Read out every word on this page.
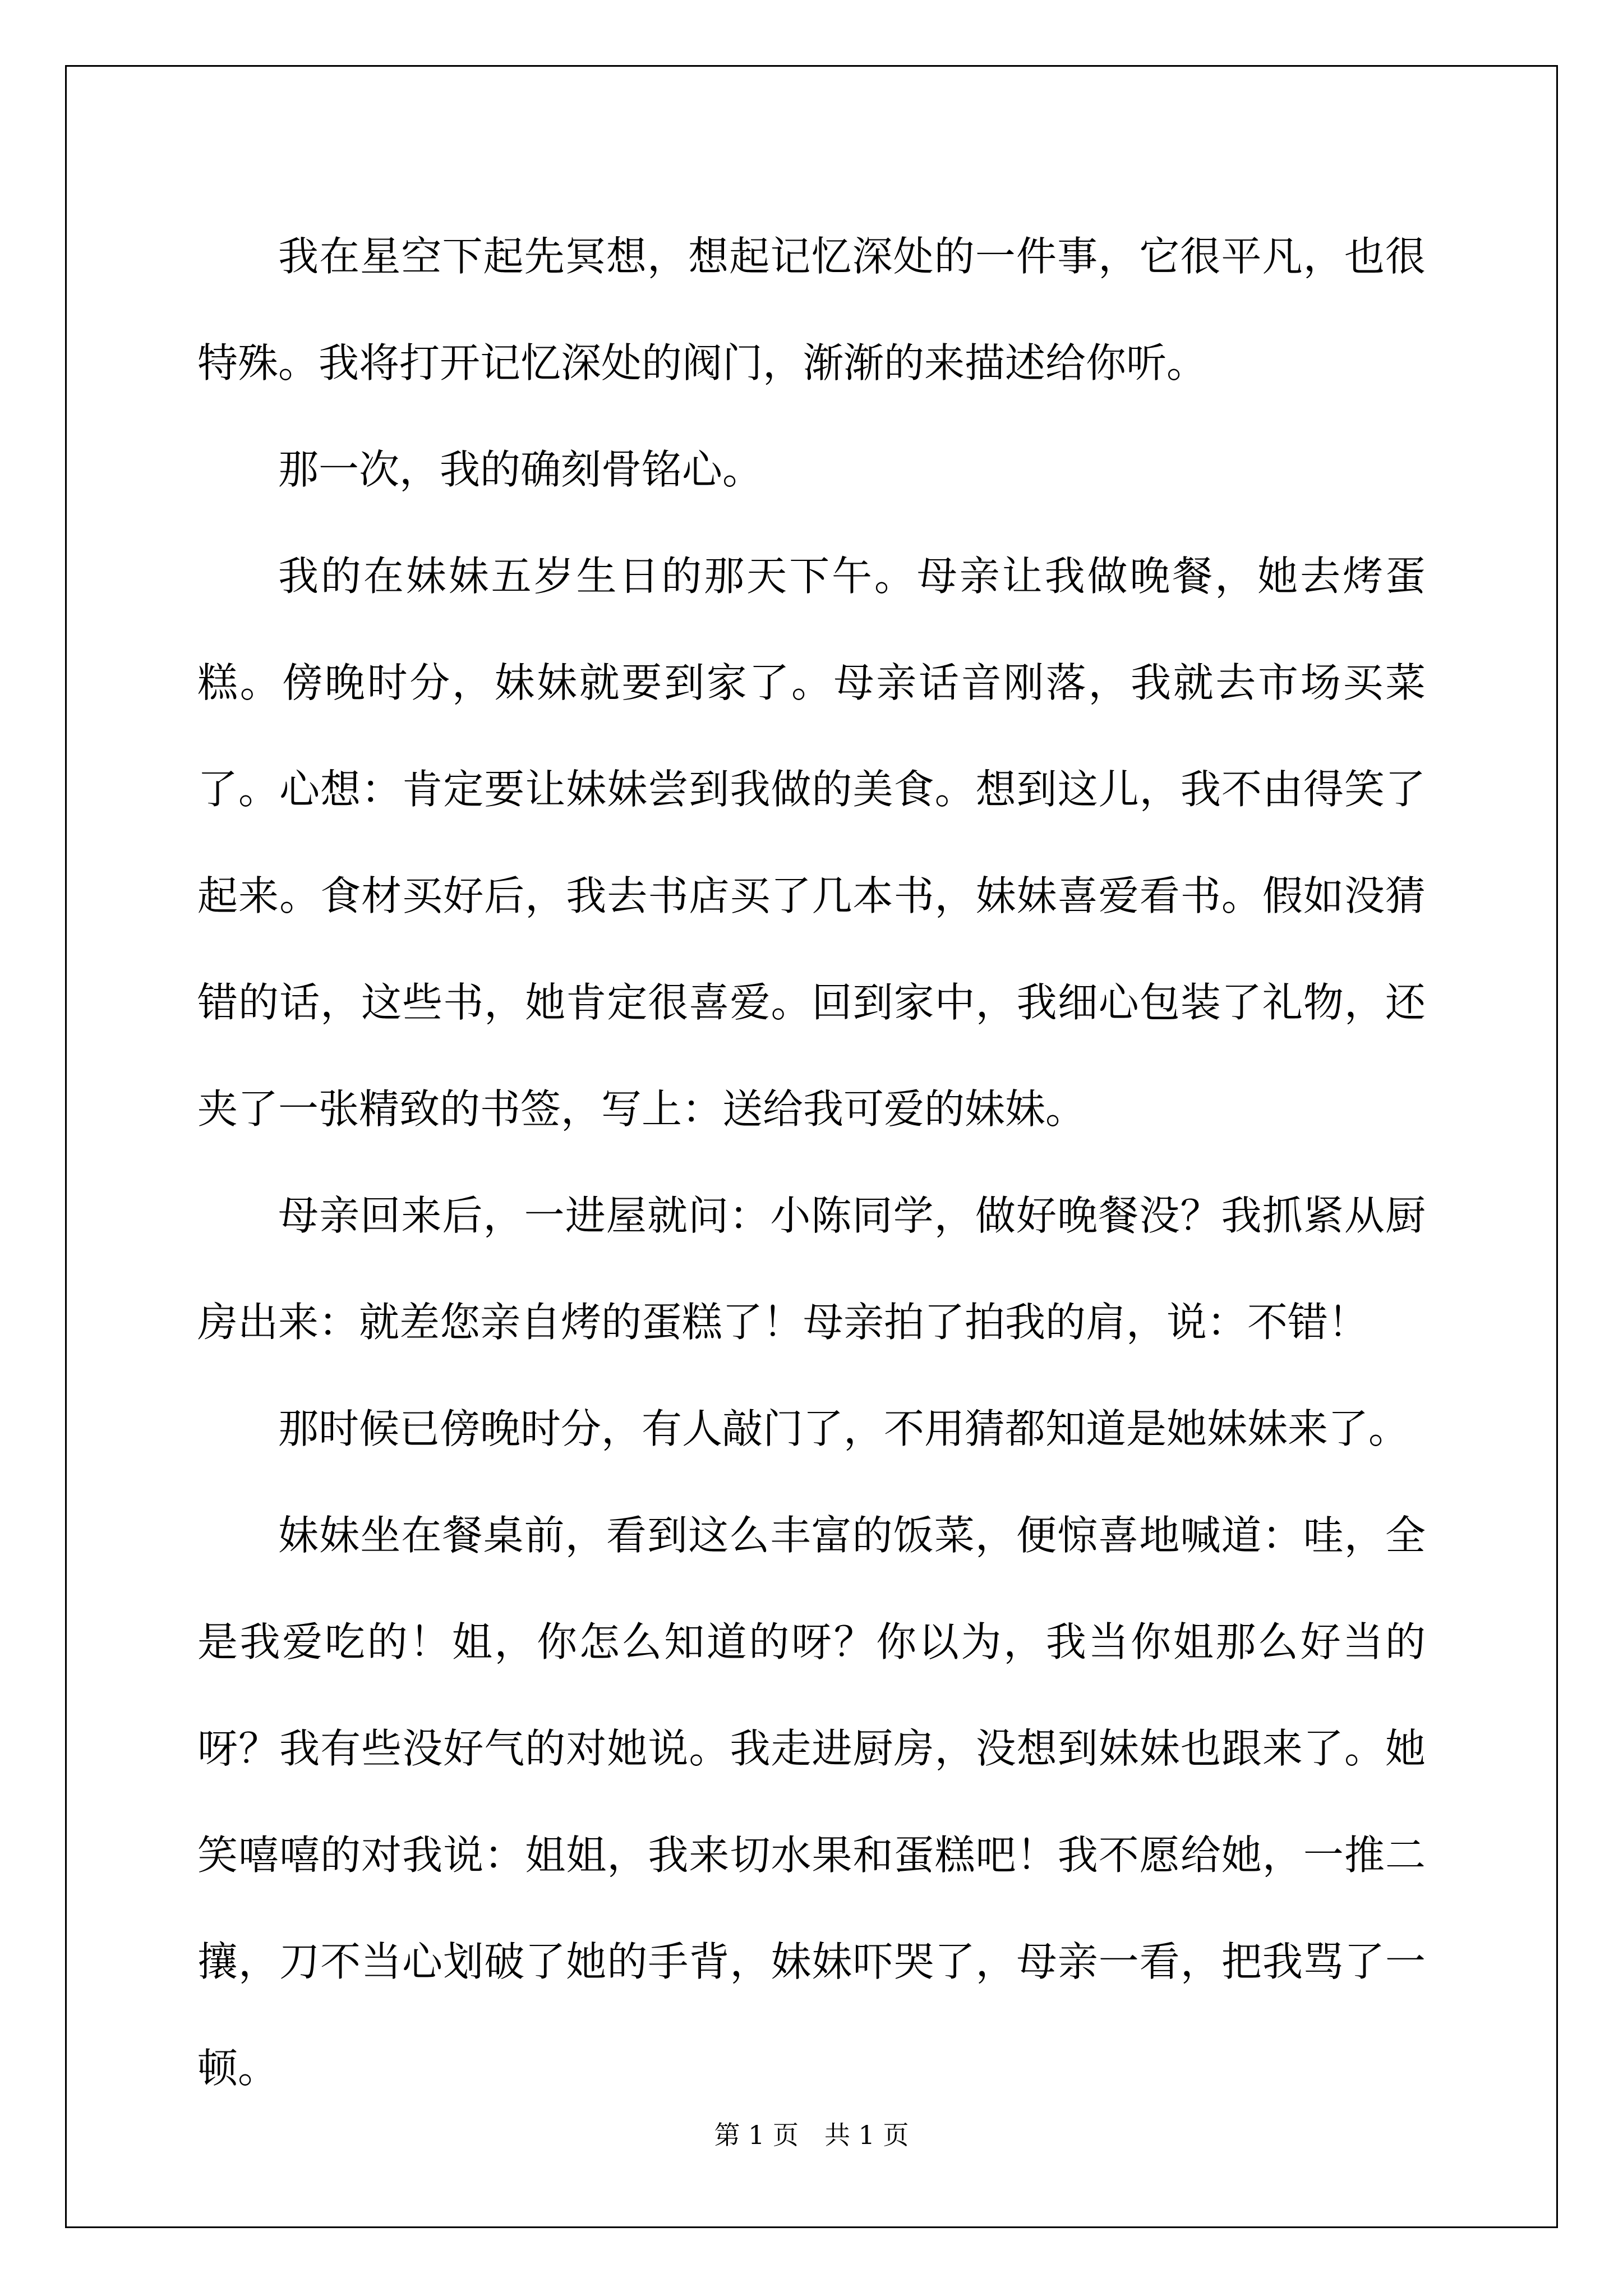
我在星空下起先冥想，想起记忆深处的一件事，它很平凡，也很特殊。我将打开记忆深处的阀门，渐渐的来描述给你听。

那一次，我的确刻骨铭心。

我的在妹妹五岁生日的那天下午。母亲让我做晚餐，她去烤蛋糕。傍晚时分，妹妹就要到家了。母亲话音刚落，我就去市场买菜了。心想：肯定要让妹妹尝到我做的美食。想到这儿，我不由得笑了起来。食材买好后，我去书店买了几本书，妹妹喜爱看书。假如没猜错的话，这些书，她肯定很喜爱。回到家中，我细心包装了礼物，还夹了一张精致的书签，写上：送给我可爱的妹妹。

母亲回来后，一进屋就问：小陈同学，做好晚餐没？我抓紧从厨房出来：就差您亲自烤的蛋糕了！母亲拍了拍我的肩，说：不错！

那时候已傍晚时分，有人敲门了，不用猜都知道是她妹妹来了。

妹妹坐在餐桌前，看到这么丰富的饭菜，便惊喜地喊道：哇，全是我爱吃的！姐，你怎么知道的呀？你以为，我当你姐那么好当的呀？我有些没好气的对她说。我走进厨房，没想到妹妹也跟来了。她笑嘻嘻的对我说：姐姐，我来切水果和蛋糕吧！我不愿给她，一推二攘，刀不当心划破了她的手背，妹妹吓哭了，母亲一看，把我骂了一顿。

第 1 页　共 1 页
